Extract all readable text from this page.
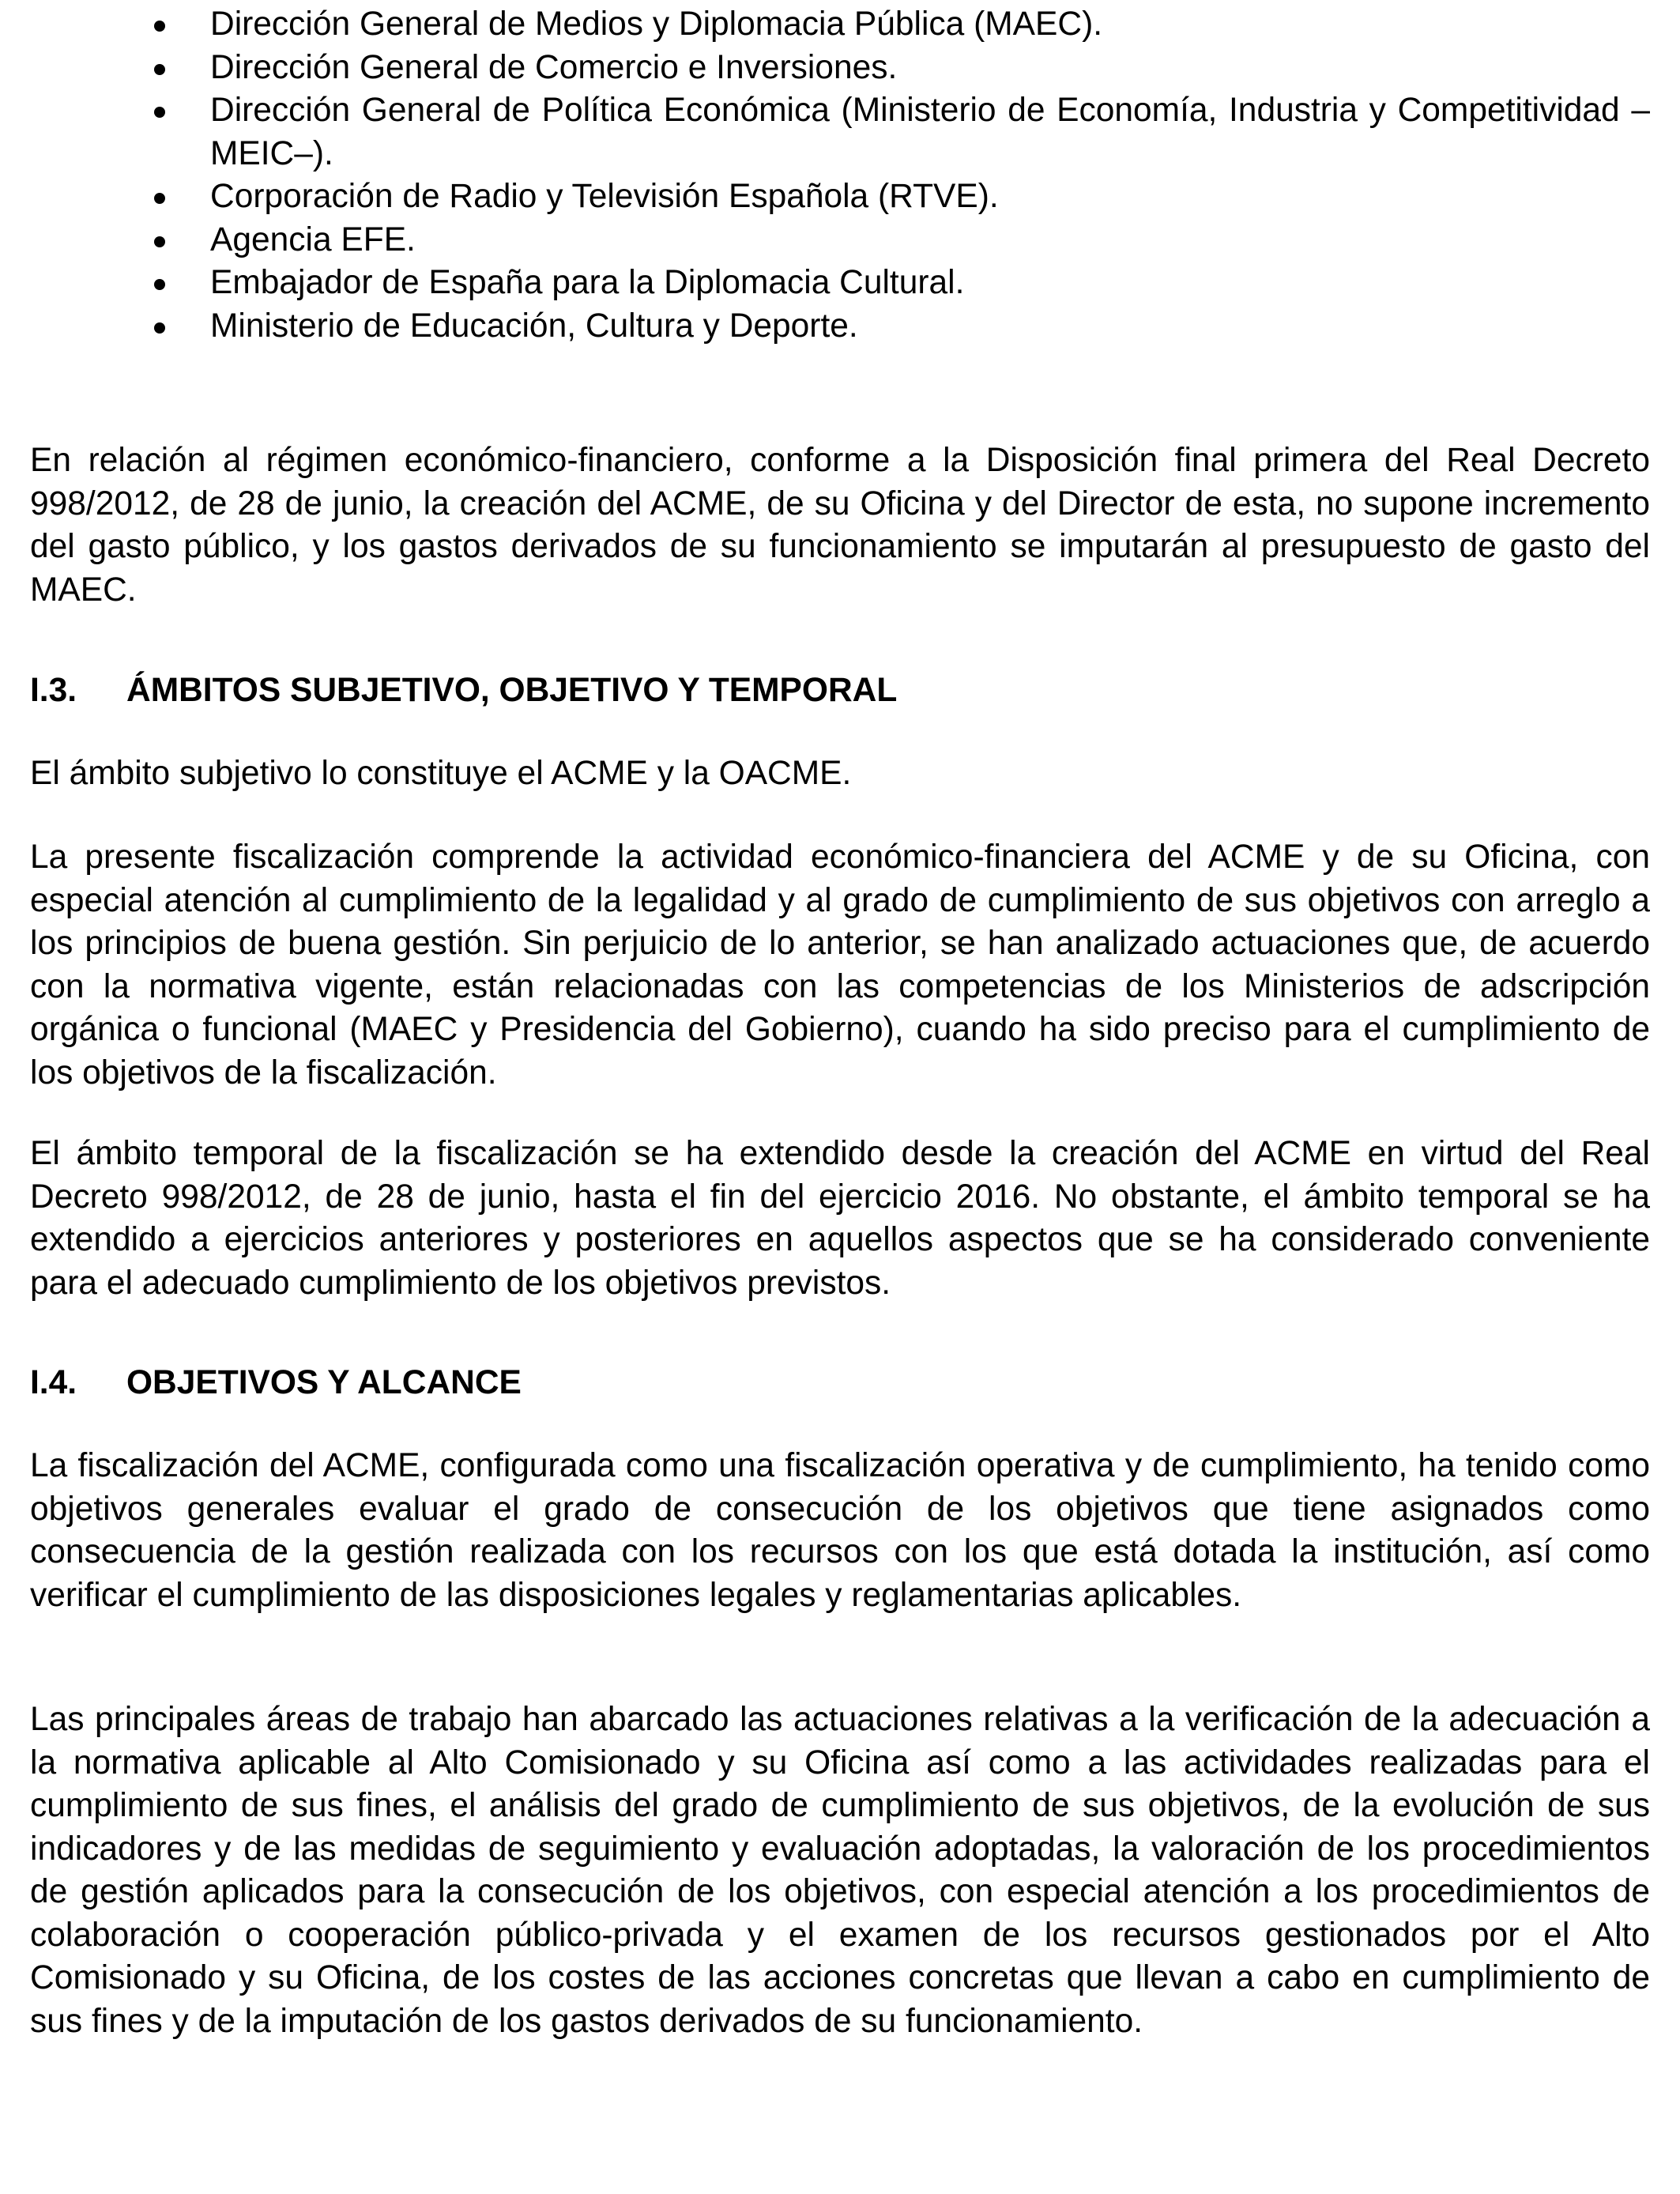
Dirección General de Medios y Diplomacia Pública (MAEC).
Dirección General de Comercio e Inversiones.
Dirección General de Política Económica (Ministerio de Economía, Industria y Competitividad –MEIC–).
Corporación de Radio y Televisión Española (RTVE).
Agencia EFE.
Embajador de España para la Diplomacia Cultural.
Ministerio de Educación, Cultura y Deporte.

En relación al régimen económico-financiero, conforme a la Disposición final primera del Real Decreto 998/2012, de 28 de junio, la creación del ACME, de su Oficina y del Director de esta, no supone incremento del gasto público, y los gastos derivados de su funcionamiento se imputarán al presupuesto de gasto del MAEC.

I.3. ÁMBITOS SUBJETIVO, OBJETIVO Y TEMPORAL

El ámbito subjetivo lo constituye el ACME y la OACME.

La presente fiscalización comprende la actividad económico-financiera del ACME y de su Oficina, con especial atención al cumplimiento de la legalidad y al grado de cumplimiento de sus objetivos con arreglo a los principios de buena gestión. Sin perjuicio de lo anterior, se han analizado actuaciones que, de acuerdo con la normativa vigente, están relacionadas con las competencias de los Ministerios de adscripción orgánica o funcional (MAEC y Presidencia del Gobierno), cuando ha sido preciso para el cumplimiento de los objetivos de la fiscalización.

El ámbito temporal de la fiscalización se ha extendido desde la creación del ACME en virtud del Real Decreto 998/2012, de 28 de junio, hasta el fin del ejercicio 2016. No obstante, el ámbito temporal se ha extendido a ejercicios anteriores y posteriores en aquellos aspectos que se ha considerado conveniente para el adecuado cumplimiento de los objetivos previstos.

I.4. OBJETIVOS Y ALCANCE

La fiscalización del ACME, configurada como una fiscalización operativa y de cumplimiento, ha tenido como objetivos generales evaluar el grado de consecución de los objetivos que tiene asignados como consecuencia de la gestión realizada con los recursos con los que está dotada la institución, así como verificar el cumplimiento de las disposiciones legales y reglamentarias aplicables.

Las principales áreas de trabajo han abarcado las actuaciones relativas a la verificación de la adecuación a la normativa aplicable al Alto Comisionado y su Oficina así como a las actividades realizadas para el cumplimiento de sus fines, el análisis del grado de cumplimiento de sus objetivos, de la evolución de sus indicadores y de las medidas de seguimiento y evaluación adoptadas, la valoración de los procedimientos de gestión aplicados para la consecución de los objetivos, con especial atención a los procedimientos de colaboración o cooperación público-privada y el examen de los recursos gestionados por el Alto Comisionado y su Oficina, de los costes de las acciones concretas que llevan a cabo en cumplimiento de sus fines y de la imputación de los gastos derivados de su funcionamiento.
